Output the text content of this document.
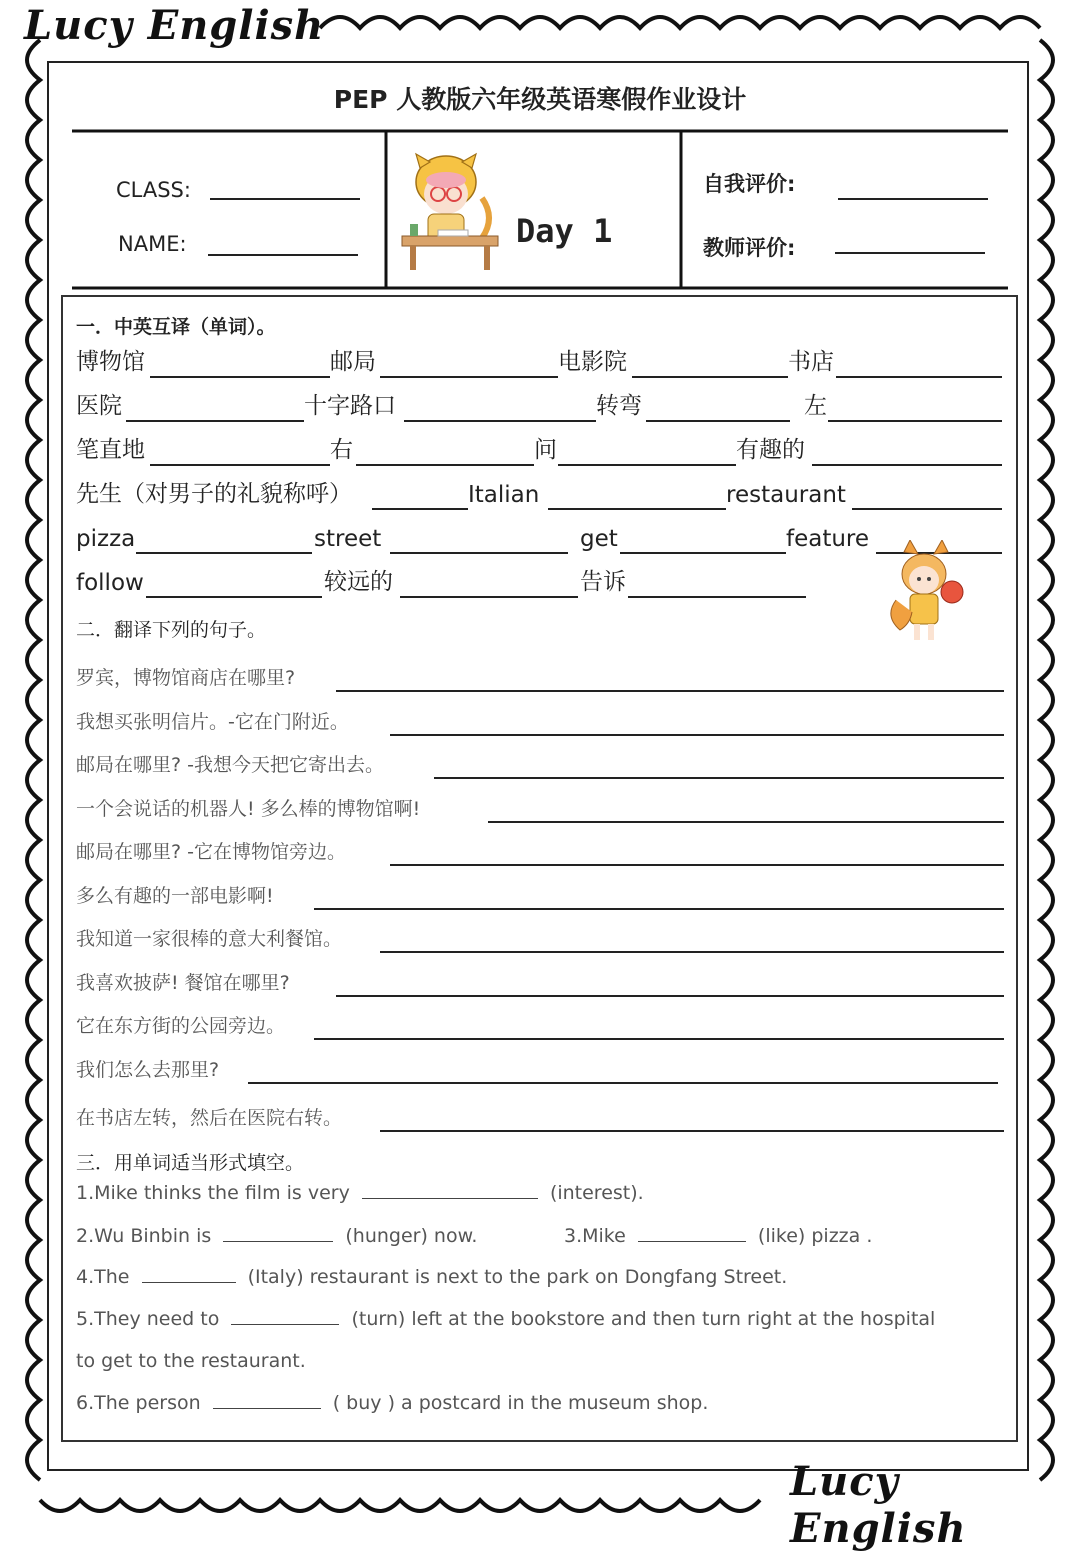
Lucy English
Lucy English
PEP 人教版六年级英语寒假作业设计
CLASS:
NAME:	Day 1
自我评价:
教师评价:
一．中英互译（单词）。
博物馆	邮局	电影院	书店
医院	十字路口	转弯	左
笔直地	右	问	有趣的
先生（对男子的礼貌称呼）	Italian	restaurant
pizza	street	get	feature
follow	较远的	告诉
二．翻译下列的句子。
罗宾，博物馆商店在哪里?
我想买张明信片。-它在门附近。
邮局在哪里? -我想今天把它寄出去。
一个会说话的机器人! 多么棒的博物馆啊!
邮局在哪里? -它在博物馆旁边。
多么有趣的一部电影啊!
我知道一家很棒的意大利餐馆。
我喜欢披萨! 餐馆在哪里?
它在东方街的公园旁边。
我们怎么去那里?
在书店左转，然后在医院右转。
三．用单词适当形式填空。
1.Mike thinks the film is very	(interest).
2.Wu Binbin is	(hunger) now.	3.Mike	(like) pizza .
4.The	(Italy) restaurant is next to the park on Dongfang Street.
5.They need to	(turn) left at the bookstore and then turn right at the hospital
to get to the restaurant.
6.The person	( buy ) a postcard in the museum shop.
